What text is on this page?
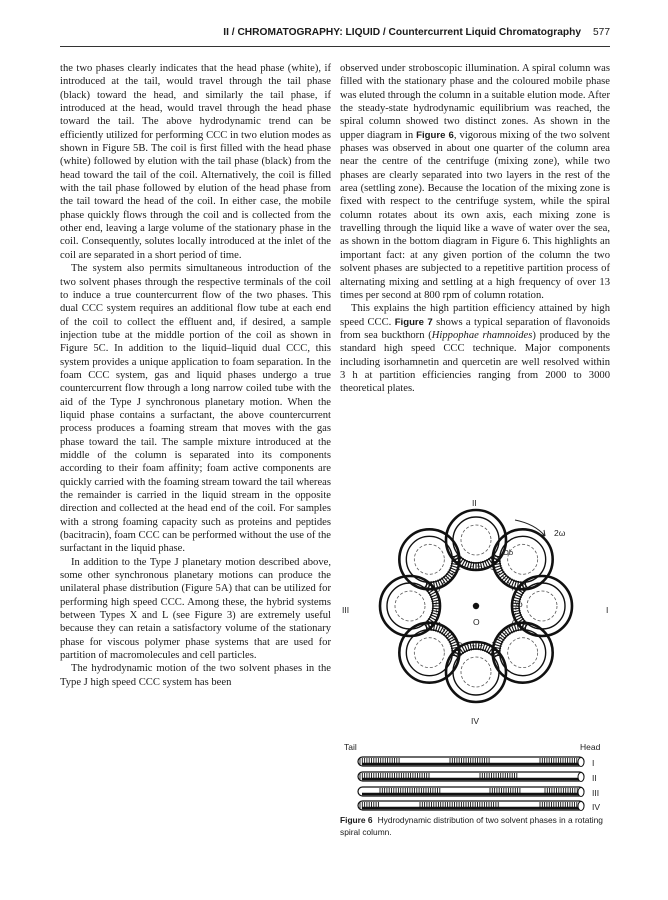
II / CHROMATOGRAPHY: LIQUID / Countercurrent Liquid Chromatography 577

the two phases clearly indicates that the head phase (white), if introduced at the tail, would travel through the tail phase (black) toward the head, and similarly the tail phase, if introduced at the head, would travel through the head phase toward the tail. The above hydrodynamic trend can be efficiently utilized for performing CCC in two elution modes as shown in Figure 5B. The coil is first filled with the head phase (white) followed by elution with the tail phase (black) from the head toward the tail of the coil. Alternatively, the coil is filled with the tail phase followed by elution of the head phase from the tail toward the head of the coil. In either case, the mobile phase quickly flows through the coil and is collected from the other end, leaving a large volume of the stationary phase in the coil. Consequently, solutes locally introduced at the inlet of the coil are separated in a short period of time.

The system also permits simultaneous introduction of the two solvent phases through the respective terminals of the coil to induce a true countercurrent flow of the two phases. This dual CCC system requires an additional flow tube at each end of the coil to collect the effluent and, if desired, a sample injection tube at the middle portion of the coil as shown in Figure 5C. In addition to the liquid–liquid dual CCC, this system provides a unique application to foam separation. In the foam CCC system, gas and liquid phases undergo a true countercurrent flow through a long narrow coiled tube with the aid of the Type J synchronous planetary motion. When the liquid phase contains a surfactant, the above countercurrent process produces a foaming stream that moves with the gas phase toward the tail. The sample mixture introduced at the middle of the column is separated into its components according to their foam affinity; foam active components are quickly carried with the foaming stream toward the tail whereas the remainder is carried in the liquid stream in the opposite direction and collected at the head end of the coil. For samples with a strong foaming capacity such as proteins and peptides (bacitracin), foam CCC can be performed without the use of the surfactant in the liquid phase.

In addition to the Type J planetary motion described above, some other synchronous planetary motions can produce the unilateral phase distribution (Figure 5A) that can be utilized for performing high speed CCC. Among these, the hybrid systems between Types X and L (see Figure 3) are extremely useful because they can retain a satisfactory volume of the stationary phase for viscous polymer phase systems that are used for partition of macromolecules and cell particles.

The hydrodynamic motion of the two solvent phases in the Type J high speed CCC system has been

observed under stroboscopic illumination. A spiral column was filled with the stationary phase and the coloured mobile phase was eluted through the column in a suitable elution mode. After the steady-state hydrodynamic equilibrium was reached, the spiral column showed two distinct zones. As shown in the upper diagram in Figure 6, vigorous mixing of the two solvent phases was observed in about one quarter of the column area near the centre of the centrifuge (mixing zone), while two phases are clearly separated into two layers in the rest of the area (settling zone). Because the location of the mixing zone is fixed with respect to the centrifuge system, while the spiral column rotates about its own axis, each mixing zone is travelling through the liquid like a wave of water over the sea, as shown in the bottom diagram in Figure 6. This highlights an important fact: at any given portion of the column the two solvent phases are subjected to a repetitive partition process of alternating mixing and settling at a high frequency of over 13 times per second at 800 rpm of column rotation.

This explains the high partition efficiency attained by high speed CCC. Figure 7 shows a typical separation of flavonoids from sea buckthorn (Hippophae rhamnoides) produced by the standard high speed CCC technique. Major components including isorhamnetin and quercetin are well resolved within 3 h at partition efficiencies ranging from 2000 to 3000 theoretical plates.

2ω
O
ω
Ob
II
III	I
IV
Tail	Head
I
II
III
IV
Figure 6 Hydrodynamic distribution of two solvent phases in a rotating spiral column.
